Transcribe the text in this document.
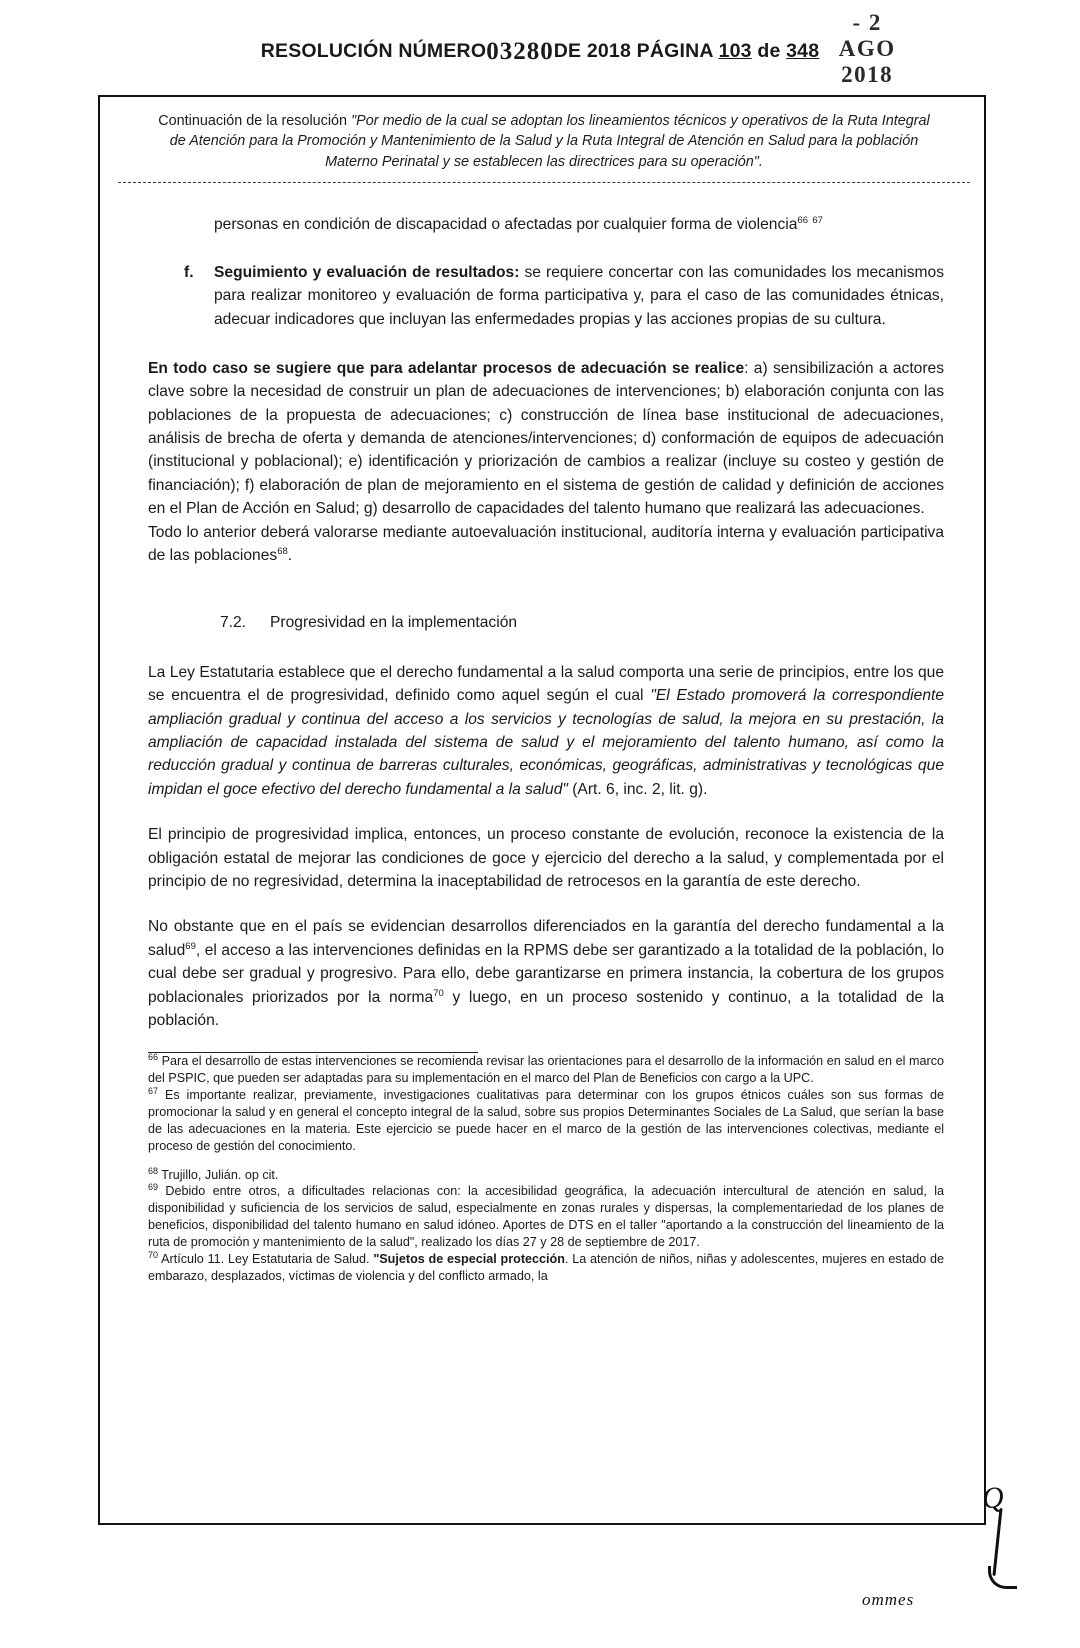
- 2 AGO 2018
RESOLUCIÓN NÚMERO03280DE 2018 PÁGINA 103 de 348
Continuación de la resolución "Por medio de la cual se adoptan los lineamientos técnicos y operativos de la Ruta Integral de Atención para la Promoción y Mantenimiento de la Salud y la Ruta Integral de Atención en Salud para la población Materno Perinatal y se establecen las directrices para su operación".

personas en condición de discapacidad o afectadas por cualquier forma de violencia$^{66}$ $^{67}$

f. Seguimiento y evaluación de resultados: se requiere concertar con las comunidades los mecanismos para realizar monitoreo y evaluación de forma participativa y, para el caso de las comunidades étnicas, adecuar indicadores que incluyan las enfermedades propias y las acciones propias de su cultura.

En todo caso se sugiere que para adelantar procesos de adecuación se realice: a) sensibilización a actores clave sobre la necesidad de construir un plan de adecuaciones de intervenciones; b) elaboración conjunta con las poblaciones de la propuesta de adecuaciones; c) construcción de línea base institucional de adecuaciones, análisis de brecha de oferta y demanda de atenciones/intervenciones; d) conformación de equipos de adecuación (institucional y poblacional); e) identificación y priorización de cambios a realizar (incluye su costeo y gestión de financiación); f) elaboración de plan de mejoramiento en el sistema de gestión de calidad y definición de acciones en el Plan de Acción en Salud; g) desarrollo de capacidades del talento humano que realizará las adecuaciones.

Todo lo anterior deberá valorarse mediante autoevaluación institucional, auditoría interna y evaluación participativa de las poblaciones$^{68}$.

7.2. Progresividad en la implementación

La Ley Estatutaria establece que el derecho fundamental a la salud comporta una serie de principios, entre los que se encuentra el de progresividad, definido como aquel según el cual "El Estado promoverá la correspondiente ampliación gradual y continua del acceso a los servicios y tecnologías de salud, la mejora en su prestación, la ampliación de capacidad instalada del sistema de salud y el mejoramiento del talento humano, así como la reducción gradual y continua de barreras culturales, económicas, geográficas, administrativas y tecnológicas que impidan el goce efectivo del derecho fundamental a la salud" (Art. 6, inc. 2, lit. g).

El principio de progresividad implica, entonces, un proceso constante de evolución, reconoce la existencia de la obligación estatal de mejorar las condiciones de goce y ejercicio del derecho a la salud, y complementada por el principio de no regresividad, determina la inaceptabilidad de retrocesos en la garantía de este derecho.

No obstante que en el país se evidencian desarrollos diferenciados en la garantía del derecho fundamental a la salud$^{69}$, el acceso a las intervenciones definidas en la RPMS debe ser garantizado a la totalidad de la población, lo cual debe ser gradual y progresivo. Para ello, debe garantizarse en primera instancia, la cobertura de los grupos poblacionales priorizados por la norma$^{70}$ y luego, en un proceso sostenido y continuo, a la totalidad de la población.

$^{66}$ Para el desarrollo de estas intervenciones se recomienda revisar las orientaciones para el desarrollo de la información en salud en el marco del PSPIC, que pueden ser adaptadas para su implementación en el marco del Plan de Beneficios con cargo a la UPC.

$^{67}$ Es importante realizar, previamente, investigaciones cualitativas para determinar con los grupos étnicos cuáles son sus formas de promocionar la salud y en general el concepto integral de la salud, sobre sus propios Determinantes Sociales de La Salud, que serían la base de las adecuaciones en la materia. Este ejercicio se puede hacer en el marco de la gestión de las intervenciones colectivas, mediante el proceso de gestión del conocimiento.

$^{68}$ Trujillo, Julián. op cit.

$^{69}$ Debido entre otros, a dificultades relacionas con: la accesibilidad geográfica, la adecuación intercultural de atención en salud, la disponibilidad y suficiencia de los servicios de salud, especialmente en zonas rurales y dispersas, la complementariedad de los planes de beneficios, disponibilidad del talento humano en salud idóneo. Aportes de DTS en el taller "aportando a la construcción del lineamiento de la ruta de promoción y mantenimiento de la salud", realizado los días 27 y 28 de septiembre de 2017.

$^{70}$ Artículo 11. Ley Estatutaria de Salud. "Sujetos de especial protección. La atención de niños, niñas y adolescentes, mujeres en estado de embarazo, desplazados, víctimas de violencia y del conflicto armado, la

Q
ommes
